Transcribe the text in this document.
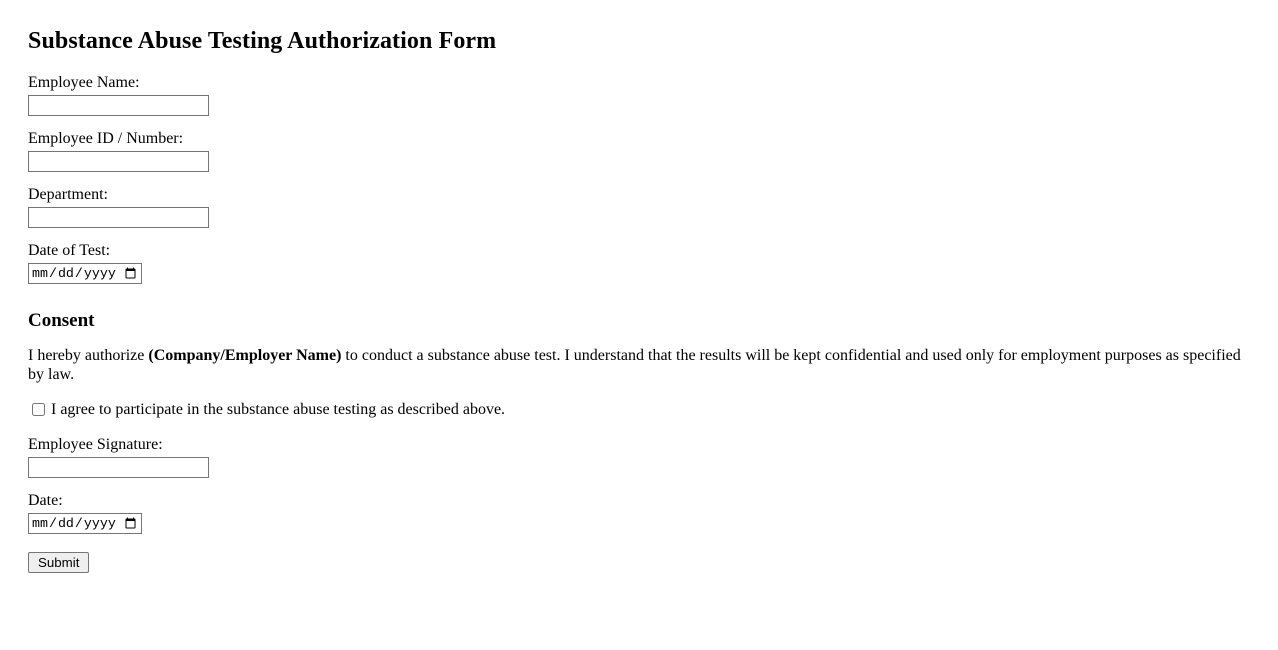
Substance Abuse Testing Authorization Form
Employee Name:
Employee ID / Number:
Department:
Date of Test:
Consent

I hereby authorize (Company/Employer Name) to conduct a substance abuse test. I understand that the results will be kept confidential and used only for employment purposes as specified by law.

I agree to participate in the substance abuse testing as described above.
Employee Signature:
Date:
Submit
